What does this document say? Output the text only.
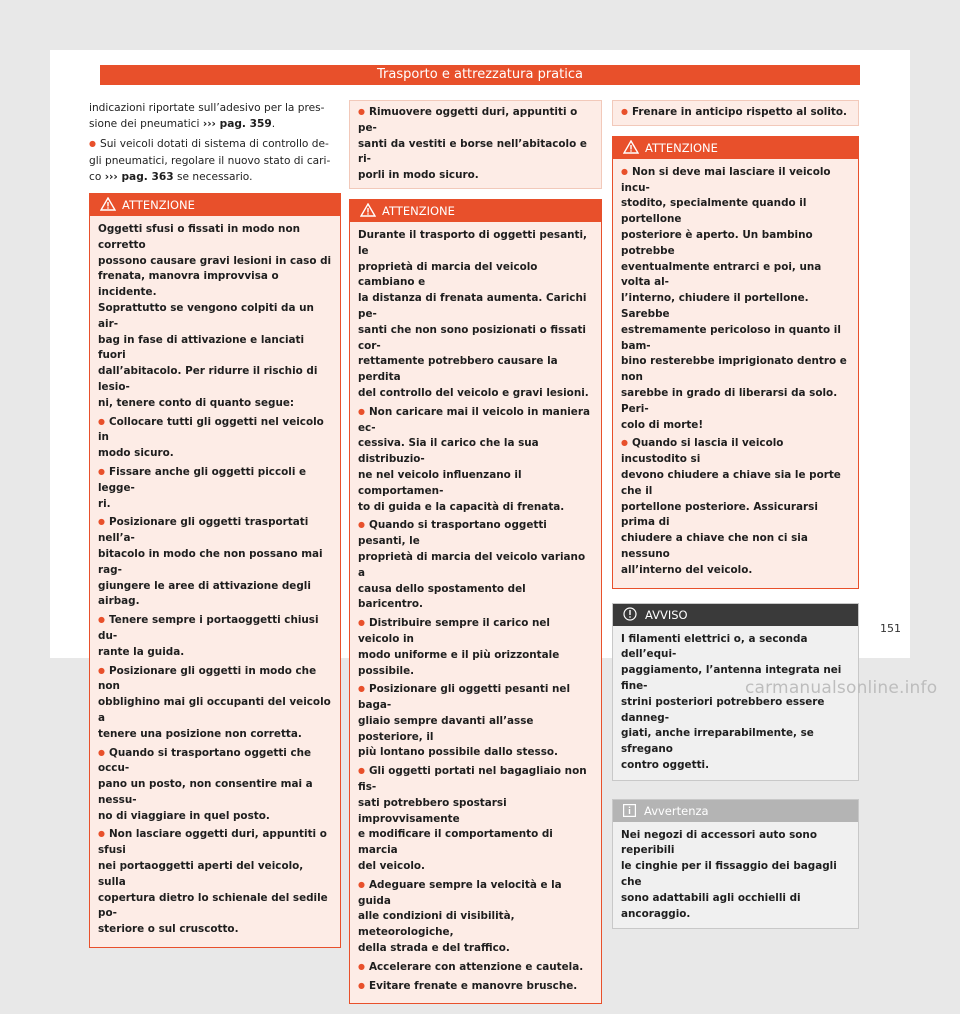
Trasporto e attrezzatura pratica

indicazioni riportate sull’adesivo per la pres-
sione dei pneumatici ››› pag. 359.

● Sui veicoli dotati di sistema di controllo de-
gli pneumatici, regolare il nuovo stato di cari-
co ››› pag. 363 se necessario.

ATTENZIONE

Oggetti sfusi o fissati in modo non corretto
possono causare gravi lesioni in caso di
frenata, manovra improvvisa o incidente.
Soprattutto se vengono colpiti da un air-
bag in fase di attivazione e lanciati fuori
dall’abitacolo. Per ridurre il rischio di lesio-
ni, tenere conto di quanto segue:

● Collocare tutti gli oggetti nel veicolo in
modo sicuro.

● Fissare anche gli oggetti piccoli e legge-
ri.

● Posizionare gli oggetti trasportati nell’a-
bitacolo in modo che non possano mai rag-
giungere le aree di attivazione degli airbag.

● Tenere sempre i portaoggetti chiusi du-
rante la guida.

● Posizionare gli oggetti in modo che non
obblighino mai gli occupanti del veicolo a
tenere una posizione non corretta.

● Quando si trasportano oggetti che occu-
pano un posto, non consentire mai a nessu-
no di viaggiare in quel posto.

● Non lasciare oggetti duri, appuntiti o sfusi
nei portaoggetti aperti del veicolo, sulla
copertura dietro lo schienale del sedile po-
steriore o sul cruscotto.

● Rimuovere oggetti duri, appuntiti o pe-
santi da vestiti e borse nell’abitacolo e ri-
porli in modo sicuro.
ATTENZIONE

Durante il trasporto di oggetti pesanti, le
proprietà di marcia del veicolo cambiano e
la distanza di frenata aumenta. Carichi pe-
santi che non sono posizionati o fissati cor-
rettamente potrebbero causare la perdita
del controllo del veicolo e gravi lesioni.

● Non caricare mai il veicolo in maniera ec-
cessiva. Sia il carico che la sua distribuzio-
ne nel veicolo influenzano il comportamen-
to di guida e la capacità di frenata.

● Quando si trasportano oggetti pesanti, le
proprietà di marcia del veicolo variano a
causa dello spostamento del baricentro.

● Distribuire sempre il carico nel veicolo in
modo uniforme e il più orizzontale possibile.

● Posizionare gli oggetti pesanti nel baga-
gliaio sempre davanti all’asse posteriore, il
più lontano possibile dallo stesso.

● Gli oggetti portati nel bagagliaio non fis-
sati potrebbero spostarsi improvvisamente
e modificare il comportamento di marcia
del veicolo.

● Adeguare sempre la velocità e la guida
alle condizioni di visibilità, meteorologiche,
della strada e del traffico.

● Accelerare con attenzione e cautela.

● Evitare frenate e manovre brusche.

● Frenare in anticipo rispetto al solito.
ATTENZIONE

● Non si deve mai lasciare il veicolo incu-
stodito, specialmente quando il portellone
posteriore è aperto. Un bambino potrebbe
eventualmente entrarci e poi, una volta al-
l’interno, chiudere il portellone. Sarebbe
estremamente pericoloso in quanto il bam-
bino resterebbe imprigionato dentro e non
sarebbe in grado di liberarsi da solo. Peri-
colo di morte!

● Quando si lascia il veicolo incustodito si
devono chiudere a chiave sia le porte che il
portellone posteriore. Assicurarsi prima di
chiudere a chiave che non ci sia nessuno
all’interno del veicolo.

AVVISO
I filamenti elettrici o, a seconda dell’equi-
paggiamento, l’antenna integrata nei fine-
strini posteriori potrebbero essere danneg-
giati, anche irreparabilmente, se sfregano
contro oggetti.
Avvertenza
Nei negozi di accessori auto sono reperibili
le cinghie per il fissaggio dei bagagli che
sono adattabili agli occhielli di ancoraggio.
151
carmanualsonline.info
